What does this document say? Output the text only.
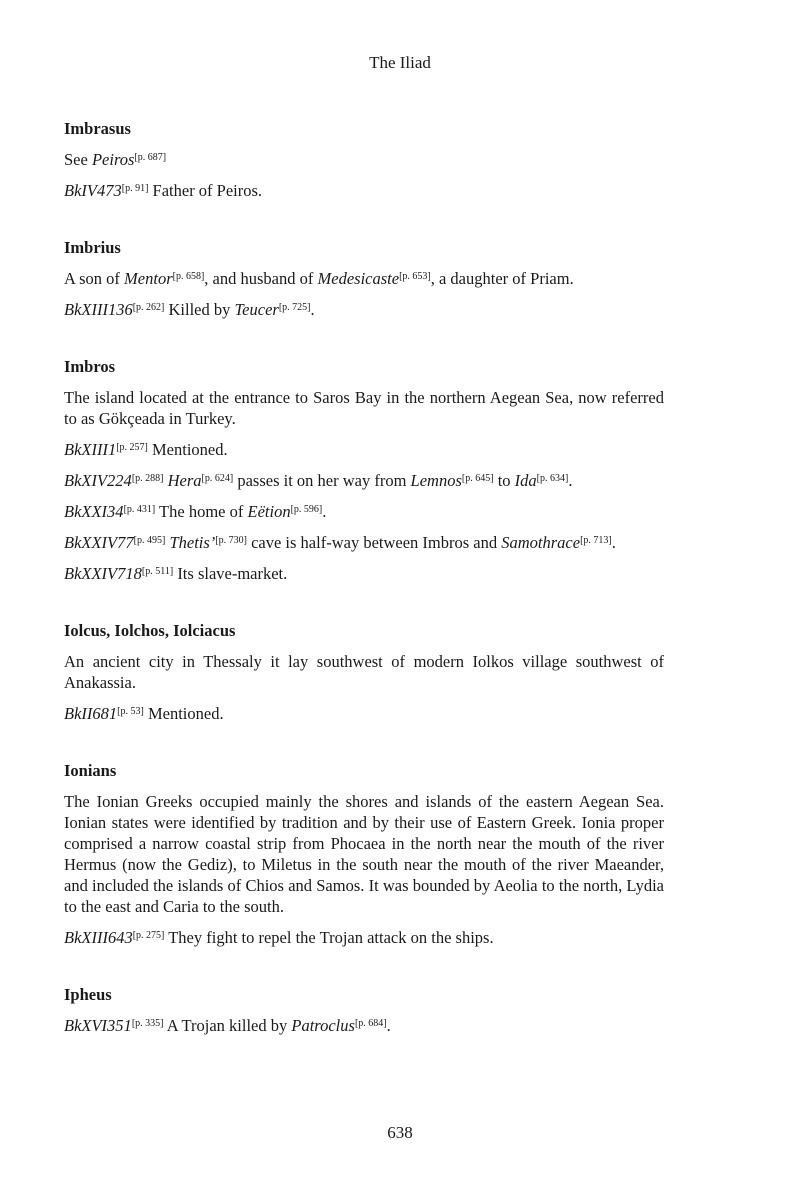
The Iliad
Imbrasus

See Peiros[p. 687]

BkIV473[p. 91] Father of Peiros.

Imbrius

A son of Mentor[p. 658], and husband of Medesicaste[p. 653], a daughter of Priam.

BkXIII136[p. 262] Killed by Teucer[p. 725].

Imbros

The island located at the entrance to Saros Bay in the northern Aegean Sea, now referred to as Gökçeada in Turkey.

BkXIII1[p. 257] Mentioned.

BkXIV224[p. 288] Hera[p. 624] passes it on her way from Lemnos[p. 645] to Ida[p. 634].

BkXXI34[p. 431] The home of Eëtion[p. 596].

BkXXIV77[p. 495] Thetis’[p. 730] cave is half-way between Imbros and Samothrace[p. 713].

BkXXIV718[p. 511] Its slave-market.

Iolcus, Iolchos, Iolciacus

An ancient city in Thessaly it lay southwest of modern Iolkos village southwest of Anakassia.

BkII681[p. 53] Mentioned.

Ionians

The Ionian Greeks occupied mainly the shores and islands of the eastern Aegean Sea. Ionian states were identified by tradition and by their use of Eastern Greek. Ionia proper comprised a narrow coastal strip from Phocaea in the north near the mouth of the river Hermus (now the Gediz), to Miletus in the south near the mouth of the river Maeander, and included the islands of Chios and Samos. It was bounded by Aeolia to the north, Lydia to the east and Caria to the south.

BkXIII643[p. 275] They fight to repel the Trojan attack on the ships.

Ipheus

BkXVI351[p. 335] A Trojan killed by Patroclus[p. 684].

638
